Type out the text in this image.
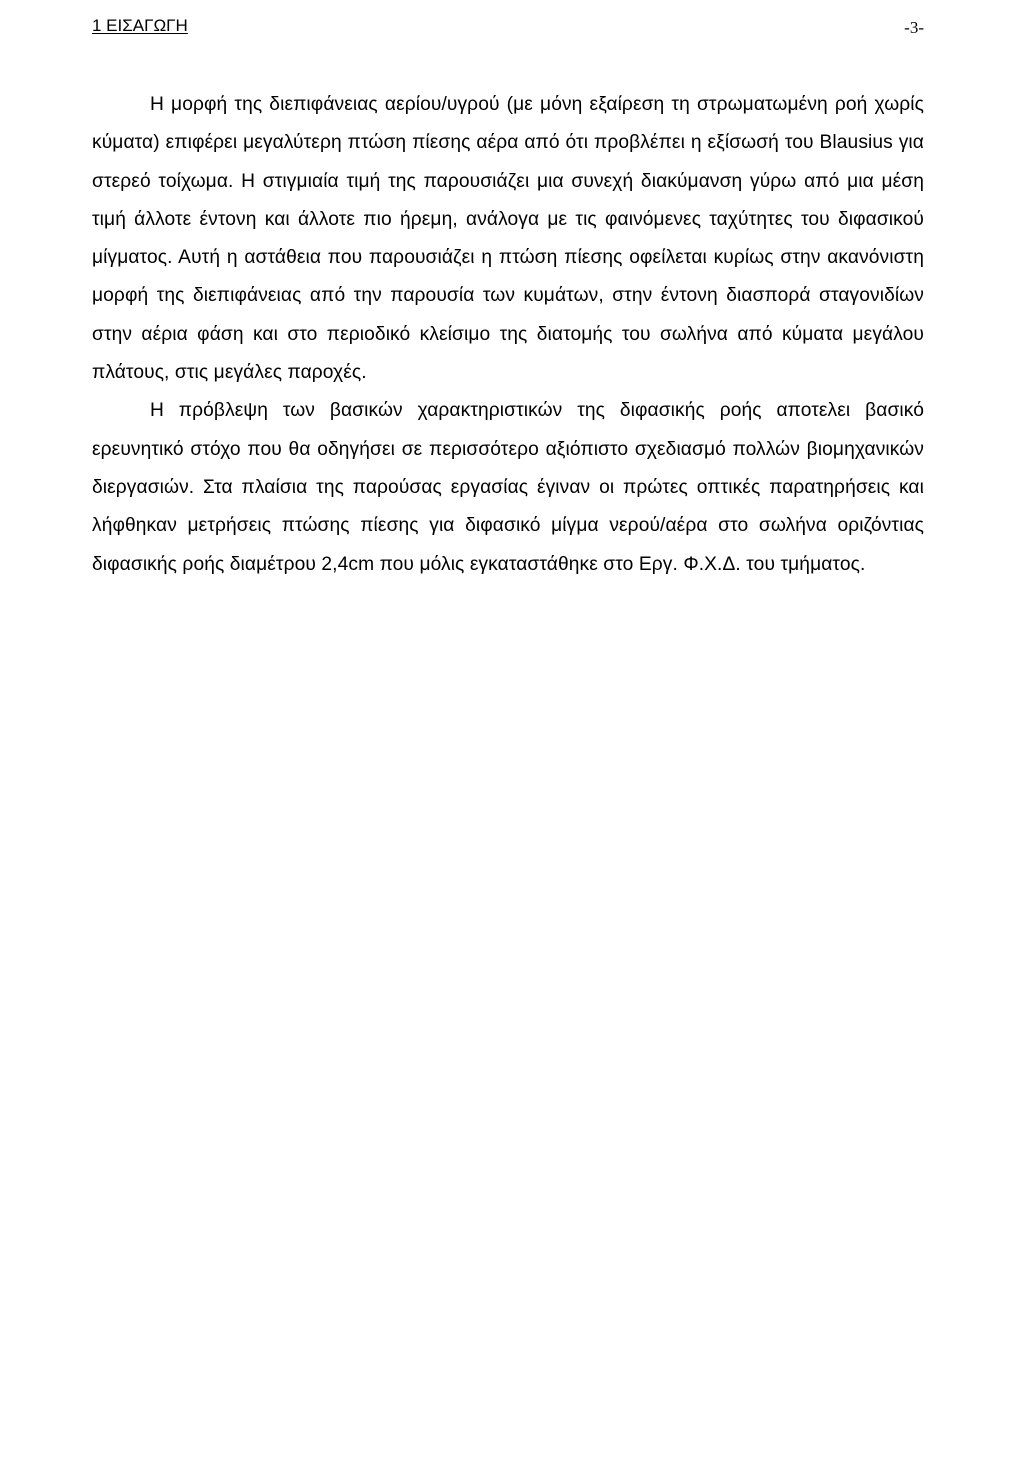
1 ΕΙΣΑΓΩΓΗ	-3-

Η μορφή της διεπιφάνειας αερίου/υγρού (με μόνη εξαίρεση τη στρωματωμένη ροή χωρίς κύματα) επιφέρει μεγαλύτερη πτώση πίεσης αέρα από ότι προβλέπει η εξίσωσή του Blausius για στερεό τοίχωμα. Η στιγμιαία τιμή της παρουσιάζει μια συνεχή διακύμανση γύρω από μια μέση τιμή άλλοτε έντονη και άλλοτε πιο ήρεμη, ανάλογα με τις φαινόμενες ταχύτητες του διφασικού μίγματος. Αυτή η αστάθεια που παρουσιάζει η πτώση πίεσης οφείλεται κυρίως στην ακανόνιστη μορφή της διεπιφάνειας από την παρουσία των κυμάτων, στην έντονη διασπορά σταγονιδίων στην αέρια φάση και στο περιοδικό κλείσιμο της διατομής του σωλήνα από κύματα μεγάλου πλάτους, στις μεγάλες παροχές.

Η πρόβλεψη των βασικών χαρακτηριστικών της διφασικής ροής αποτελει βασικό ερευνητικό στόχο που θα οδηγήσει σε περισσότερο αξιόπιστο σχεδιασμό πολλών βιομηχανικών διεργασιών. Στα πλαίσια της παρούσας εργασίας έγιναν οι πρώτες οπτικές παρατηρήσεις και λήφθηκαν μετρήσεις πτώσης πίεσης για διφασικό μίγμα νερού/αέρα στο σωλήνα οριζόντιας διφασικής ροής διαμέτρου 2,4cm που μόλις εγκαταστάθηκε στο Εργ. Φ.Χ.Δ. του τμήματος.
